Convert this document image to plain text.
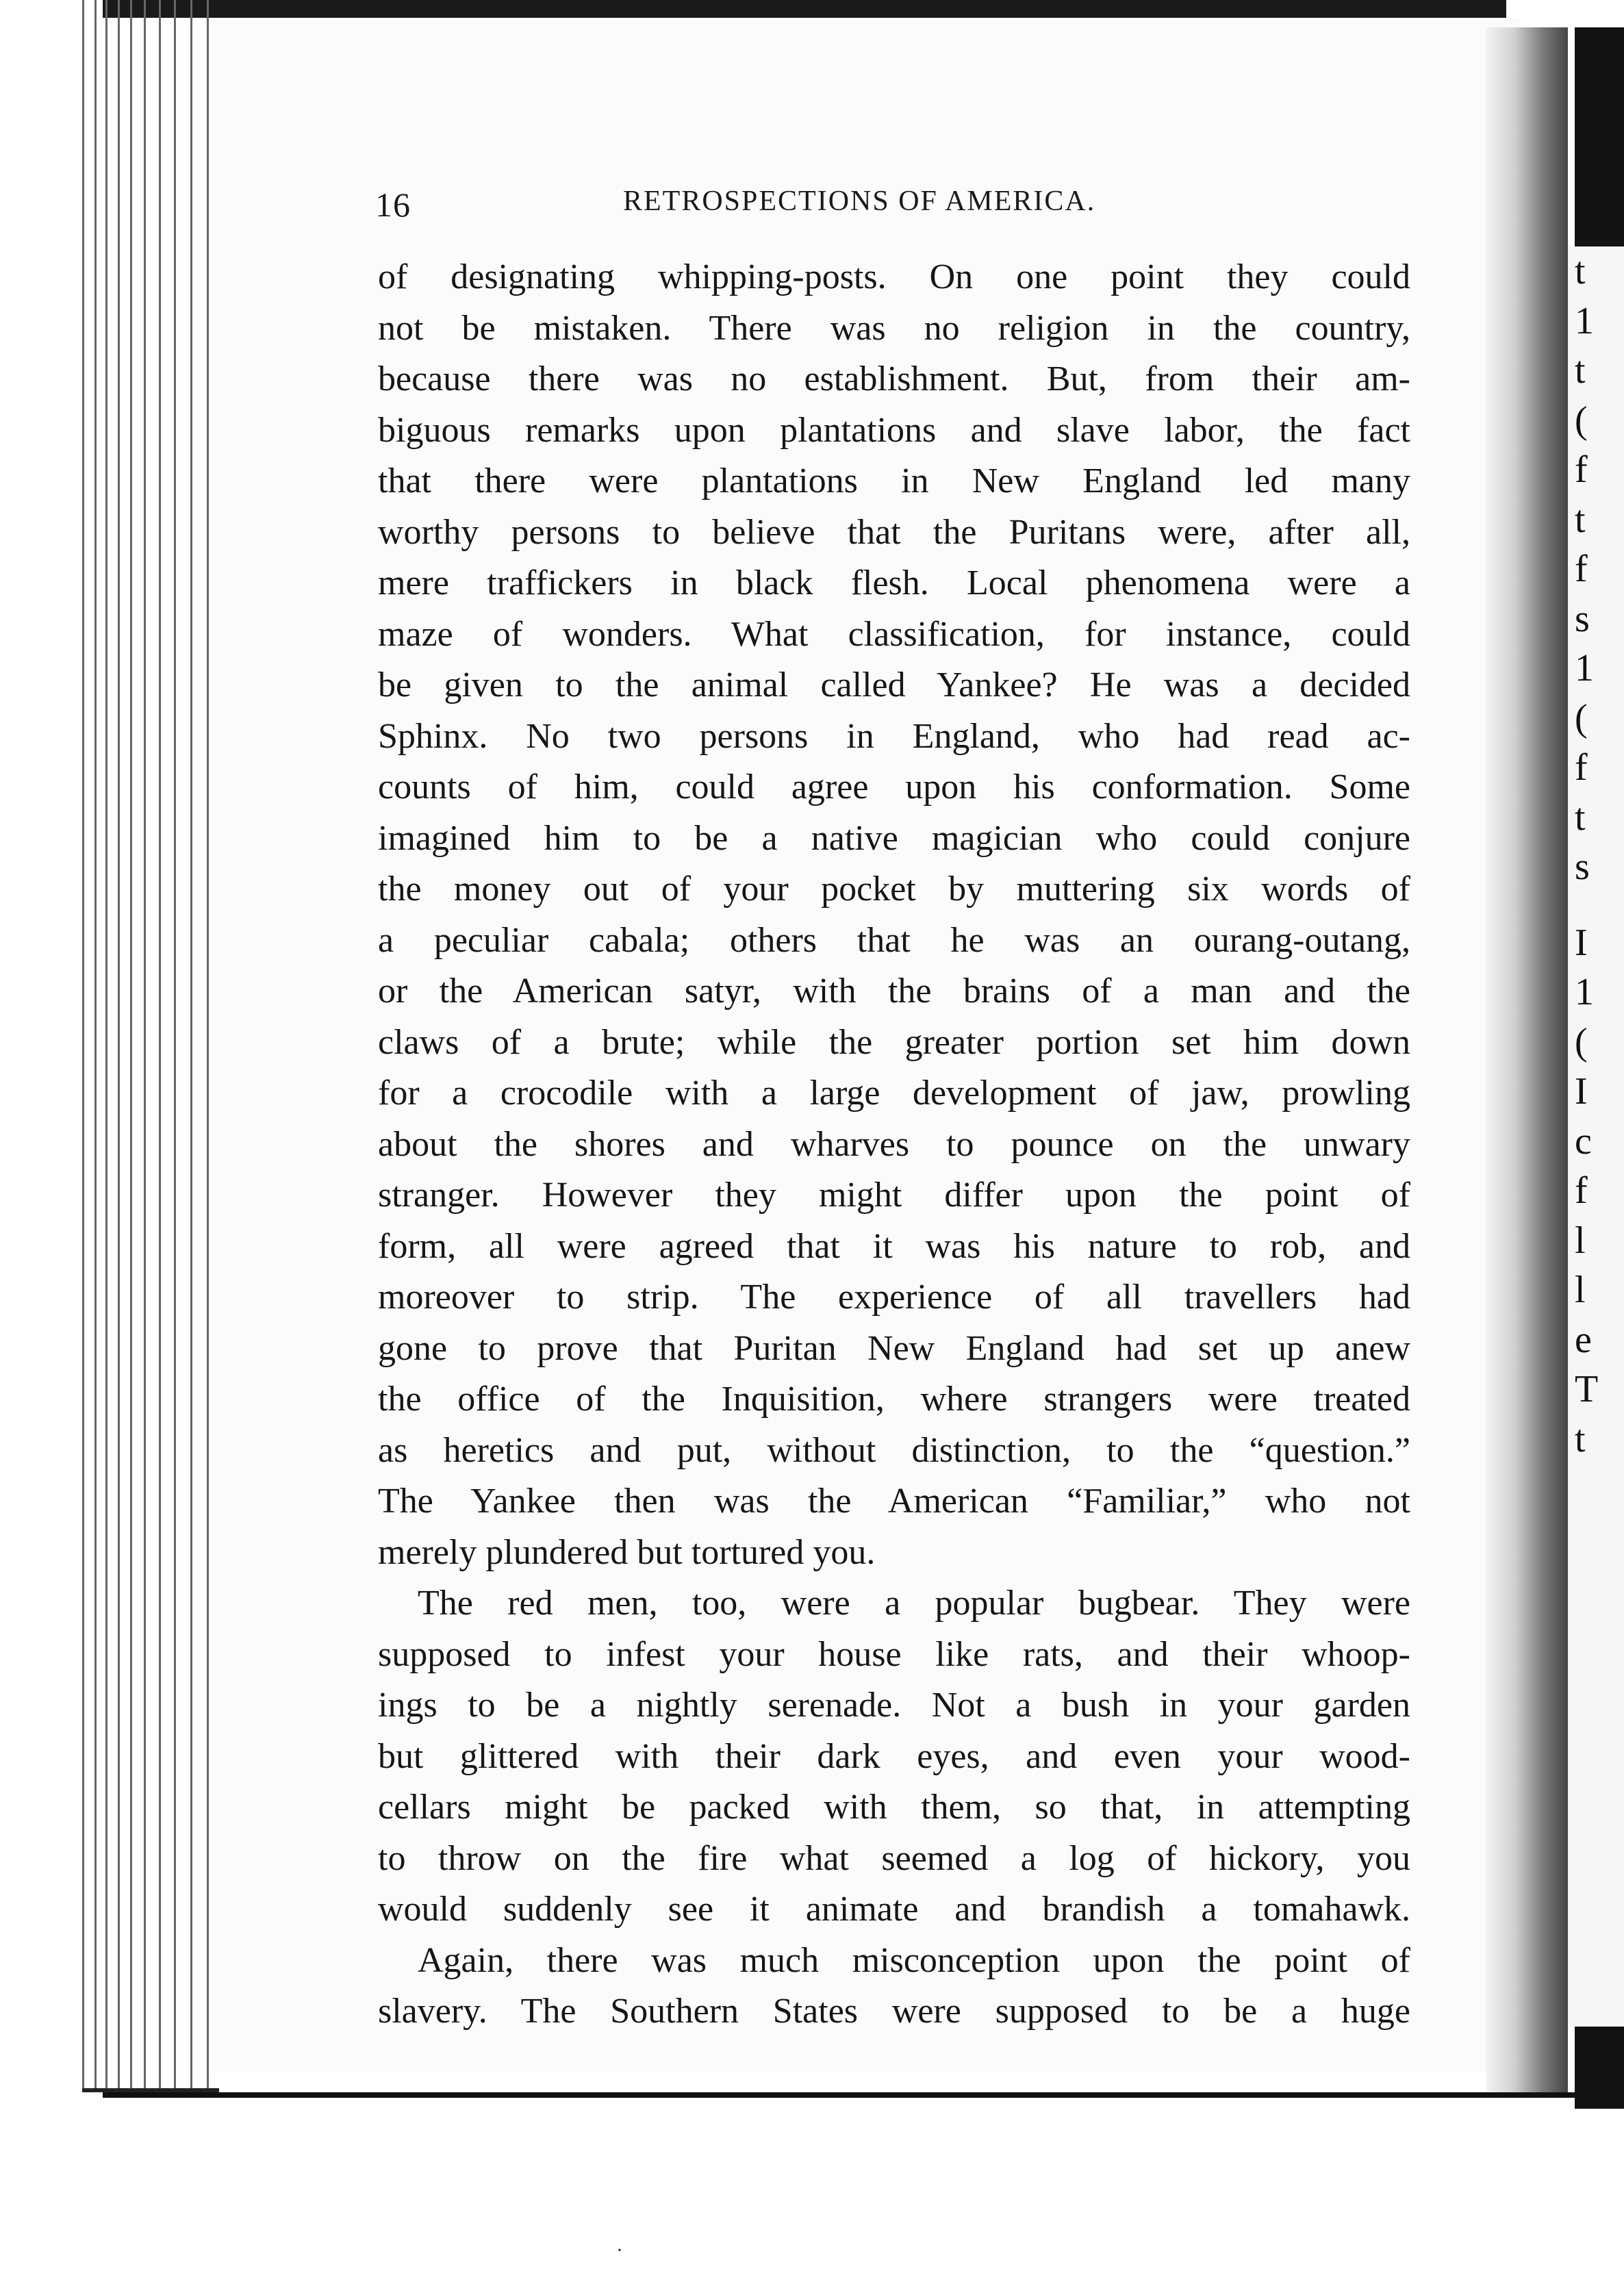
t
1
t
(
f
t
f
s
1
(
f
t
s
I
1
(
I
c
f
l
l
e
T
t
·
16	RETROSPECTIONS OF AMERICA.
of designating whipping-posts. On one point they could
not be mistaken. There was no religion in the country,
because there was no establishment. But, from their am-
biguous remarks upon plantations and slave labor, the fact
that there were plantations in New England led many
worthy persons to believe that the Puritans were, after all,
mere traffickers in black flesh. Local phenomena were a
maze of wonders. What classification, for instance, could
be given to the animal called Yankee? He was a decided
Sphinx. No two persons in England, who had read ac-
counts of him, could agree upon his conformation. Some
imagined him to be a native magician who could conjure
the money out of your pocket by muttering six words of
a peculiar cabala; others that he was an ourang-outang,
or the American satyr, with the brains of a man and the
claws of a brute; while the greater portion set him down
for a crocodile with a large development of jaw, prowling
about the shores and wharves to pounce on the unwary
stranger. However they might differ upon the point of
form, all were agreed that it was his nature to rob, and
moreover to strip. The experience of all travellers had
gone to prove that Puritan New England had set up anew
the office of the Inquisition, where strangers were treated
as heretics and put, without distinction, to the “question.”
The Yankee then was the American “Familiar,” who not
merely plundered but tortured you.
The red men, too, were a popular bugbear. They were
supposed to infest your house like rats, and their whoop-
ings to be a nightly serenade. Not a bush in your garden
but glittered with their dark eyes, and even your wood-
cellars might be packed with them, so that, in attempting
to throw on the fire what seemed a log of hickory, you
would suddenly see it animate and brandish a tomahawk.
Again, there was much misconception upon the point of
slavery. The Southern States were supposed to be a huge
